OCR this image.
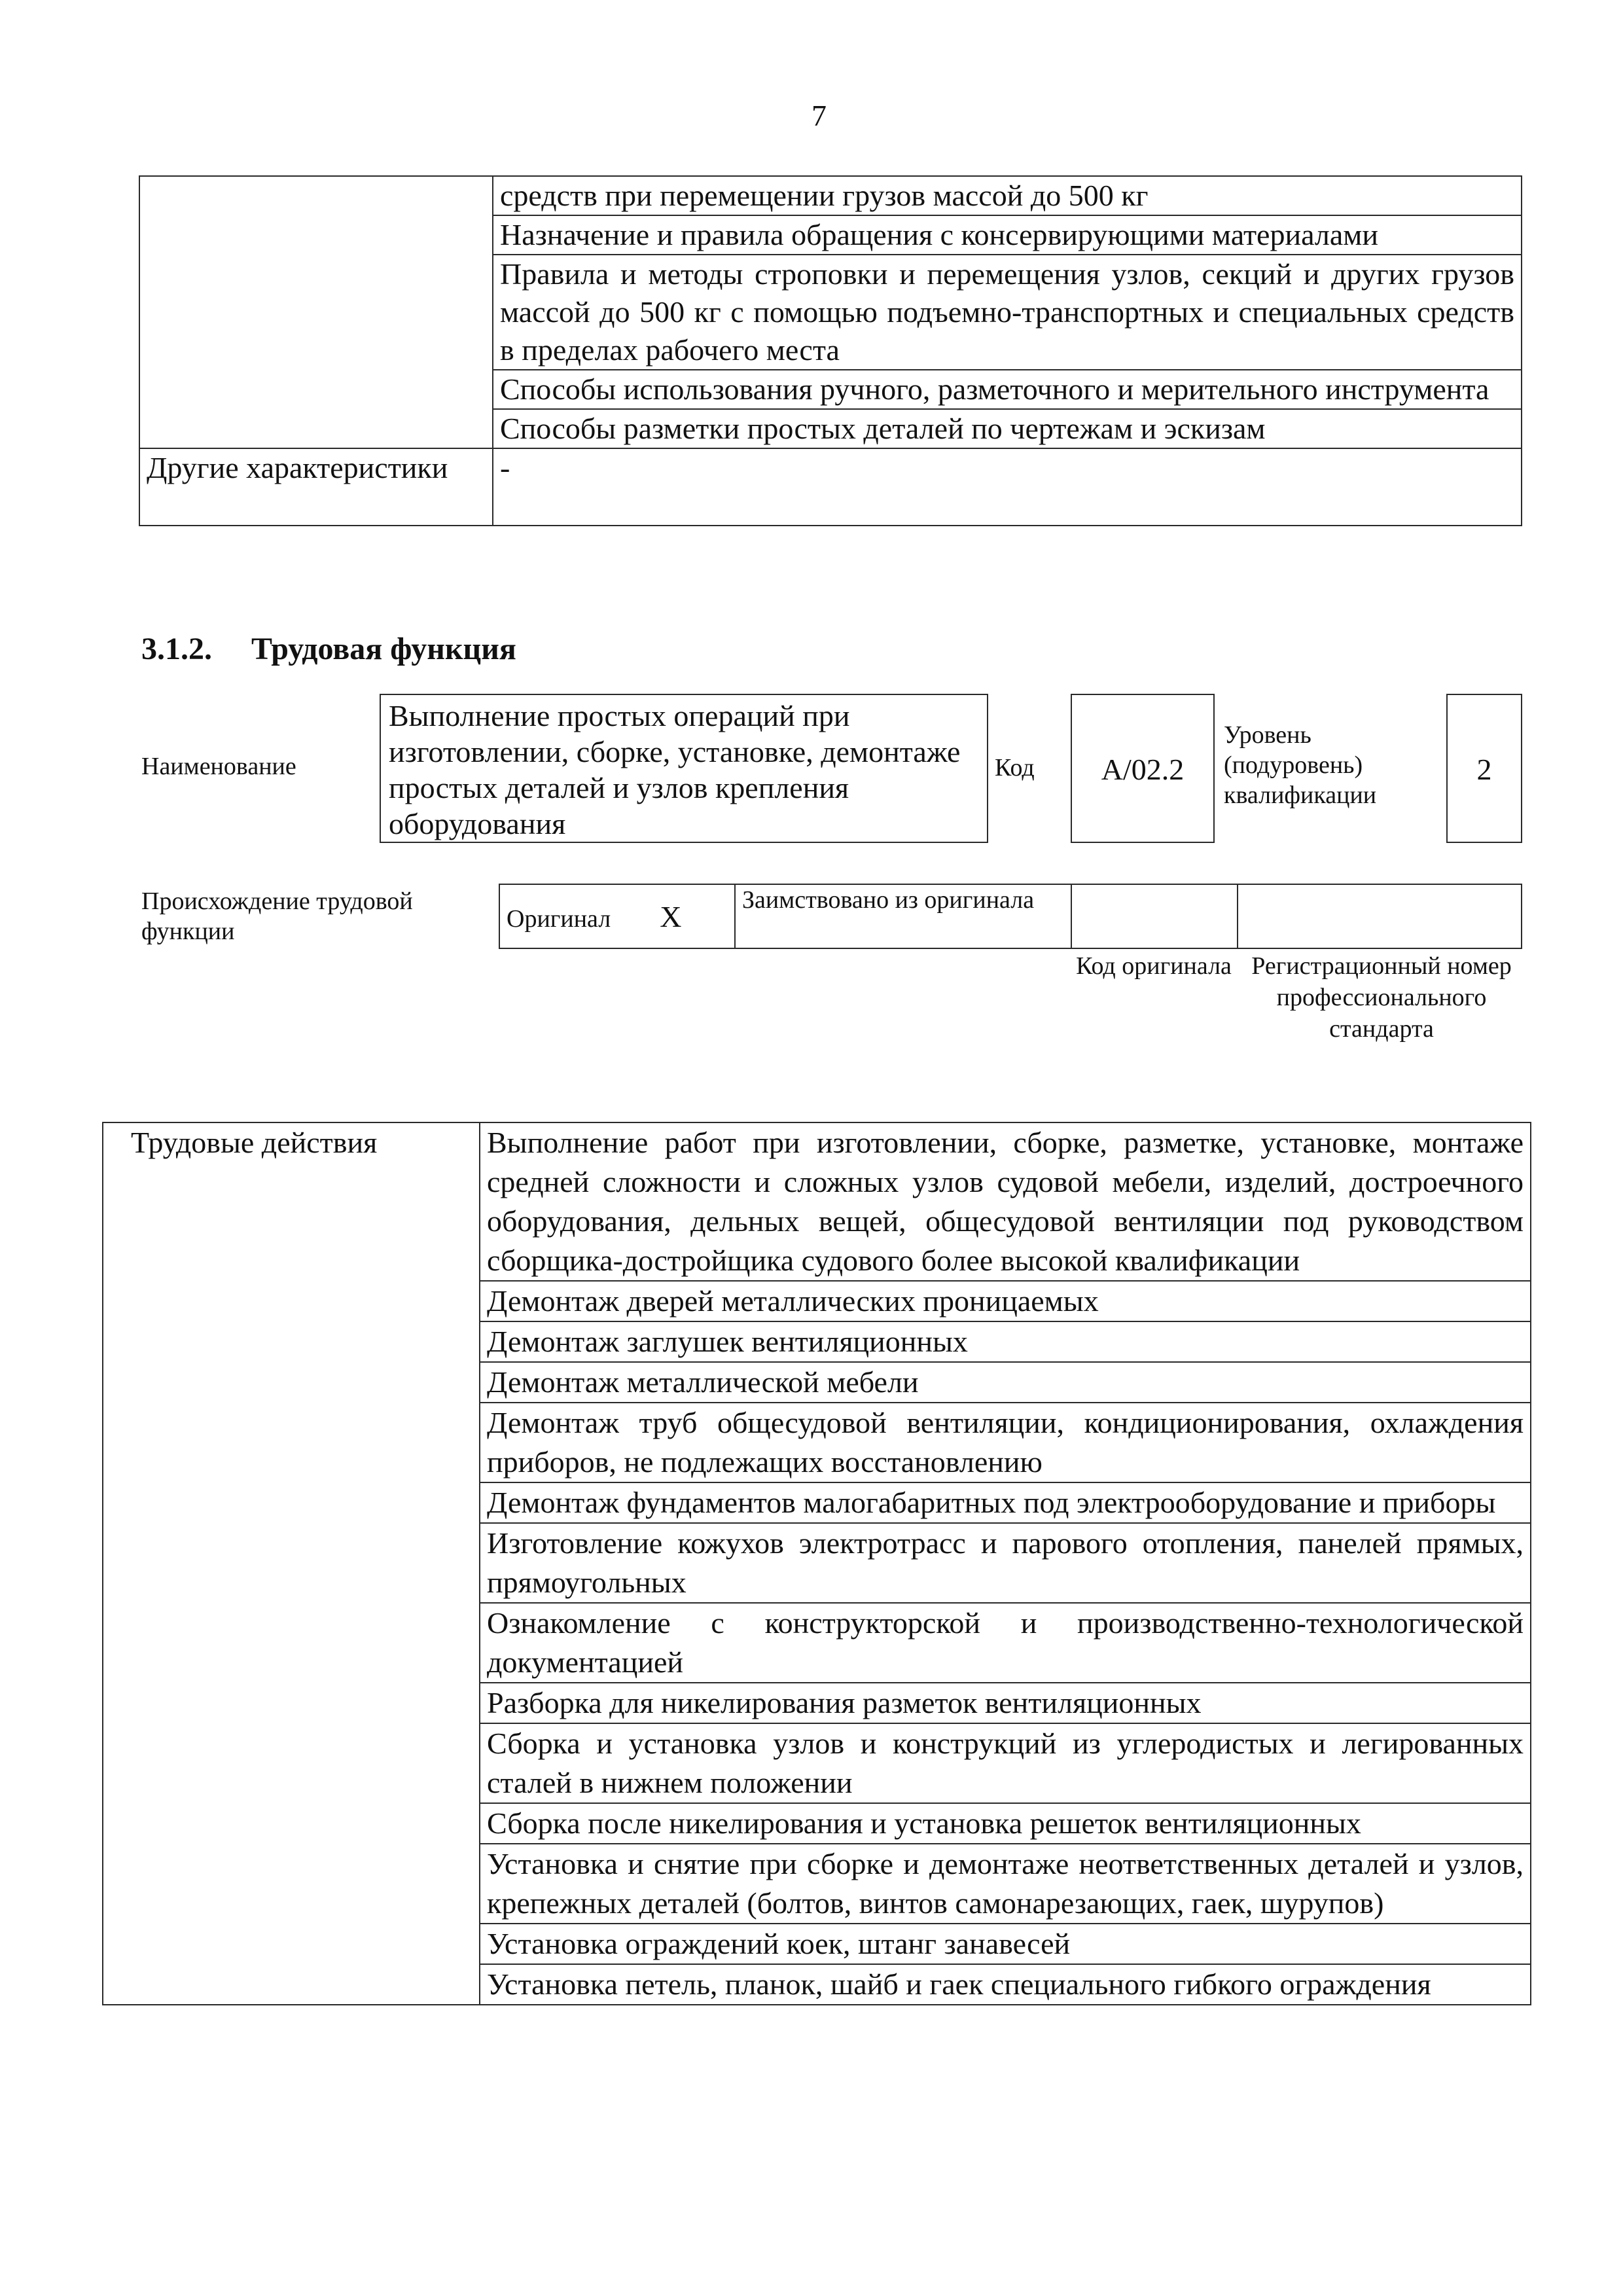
7
	средств при перемещении грузов массой до 500 кг
	Назначение и правила обращения с консервирующими материалами
	Правила и методы строповки и перемещения узлов, секций и других грузов массой до 500 кг с помощью подъемно-транспортных и специальных средств в пределах рабочего места
	Способы использования ручного, разметочного и мерительного инструмента
	Способы разметки простых деталей по чертежам и эскизам
Другие характеристики	-
3.1.2. Трудовая функция
Наименование
Выполнение простых операций при изготовлении, сборке, установке, демонтаже простых деталей и узлов крепления оборудования
Код	А/02.2
Уровень (подуровень) квалификации
2
Происхождение трудовой функции	Оригинал X	Заимствовано из оригинала		
Код оригинала Регистрационный номер профессионального стандарта
Трудовые действия	Выполнение работ при изготовлении, сборке, разметке, установке, монтаже средней сложности и сложных узлов судовой мебели, изделий, достроечного оборудования, дельных вещей, общесудовой вентиляции под руководством сборщика-достройщика судового более высокой квалификации
Демонтаж дверей металлических проницаемых
Демонтаж заглушек вентиляционных
Демонтаж металлической мебели
Демонтаж труб общесудовой вентиляции, кондиционирования, охлаждения приборов, не подлежащих восстановлению
Демонтаж фундаментов малогабаритных под электрооборудование и приборы
Изготовление кожухов электротрасс и парового отопления, панелей прямых, прямоугольных
Ознакомление с конструкторской и производственно-технологической документацией
Разборка для никелирования разметок вентиляционных
Сборка и установка узлов и конструкций из углеродистых и легированных сталей в нижнем положении
Сборка после никелирования и установка решеток вентиляционных
Установка и снятие при сборке и демонтаже неответственных деталей и узлов, крепежных деталей (болтов, винтов самонарезающих, гаек, шурупов)
Установка ограждений коек, штанг занавесей
Установка петель, планок, шайб и гаек специального гибкого ограждения
